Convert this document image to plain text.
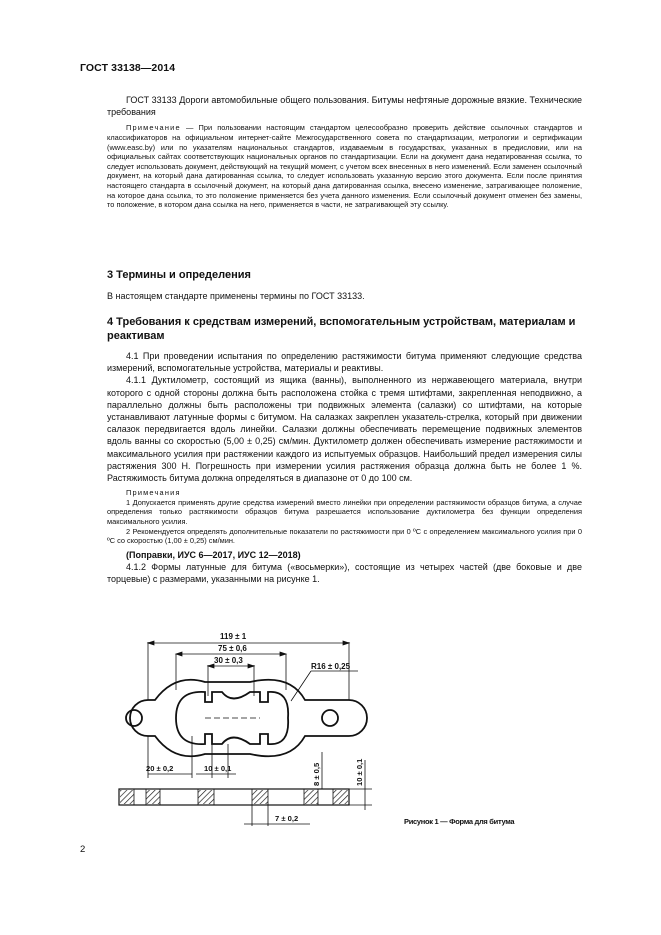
ГОСТ 33138—2014

ГОСТ 33133 Дороги автомобильные общего пользования. Битумы нефтяные дорожные вязкие. Технические требования

Примечание — При пользовании настоящим стандартом целесообразно проверить действие ссылочных стандартов и классификаторов на официальном интернет-сайте Межгосударственного совета по стандартизации, метрологии и сертификации (www.easc.by) или по указателям национальных стандартов, издаваемым в государствах, указанных в предисловии, или на официальных сайтах соответствующих национальных органов по стандартизации. Если на документ дана недатированная ссылка, то следует использовать документ, действующий на текущий момент, с учетом всех внесенных в него изменений. Если заменен ссылочный документ, на который дана датированная ссылка, то следует использовать указанную версию этого документа. Если после принятия настоящего стандарта в ссылочный документ, на который дана датированная ссылка, внесено изменение, затрагивающее положение, на которое дана ссылка, то это положение применяется без учета данного изменения. Если ссылочный документ отменен без замены, то положение, в котором дана ссылка на него, применяется в части, не затрагивающей эту ссылку.

3 Термины и определения

В настоящем стандарте применены термины по ГОСТ 33133.

4 Требования к средствам измерений, вспомогательным устройствам, материалам и реактивам

4.1 При проведении испытания по определению растяжимости битума применяют следующие средства измерений, вспомогательные устройства, материалы и реактивы.

4.1.1 Дуктилометр, состоящий из ящика (ванны), выполненного из нержавеющего материала, внутри которого с одной стороны должна быть расположена стойка с тремя штифтами, закрепленная неподвижно, а параллельно должны быть расположены три подвижных элемента (салазки) со штифтами, на которые устанавливают латунные формы с битумом. На салазках закреплен указатель-стрелка, который при движении салазок передвигается вдоль линейки. Салазки должны обеспечивать перемещение подвижных элементов вдоль ванны со скоростью (5,00 ± 0,25) см/мин. Дуктилометр должен обеспечивать измерение растяжимости и максимального усилия при растяжении каждого из испытуемых образцов. Наибольший предел измерения силы растяжения 300 Н. Погрешность при измерении усилия растяжения образца должна быть не более 1 %. Растяжимость битума должна определяться в диапазоне от 0 до 100 см.

Примечания

1 Допускается применять другие средства измерений вместо линейки при определении растяжимости образцов битума, а случае определения только растяжимости образцов битума разрешается использование дуктилометра без функции определения максимального усилия.

2 Рекомендуется определять дополнительные показатели по растяжимости при 0 ºС с определением максимального усилия при 0 ºС со скоростью (1,00 ± 0,25) см/мин.

(Поправки, ИУС 6—2017, ИУС 12—2018)

4.1.2 Формы латунные для битума («восьмерки»), состоящие из четырех частей (две боковые и две торцевые) с размерами, указанными на рисунке 1.

119 ± 1
75 ± 0,6
30 ± 0,3
R16 ± 0,25
20 ± 0,2	10 ± 0,1	8 ± 0,5	10 ± 0,1
7 ± 0,2	Рисунок 1 — Форма для битума
2
